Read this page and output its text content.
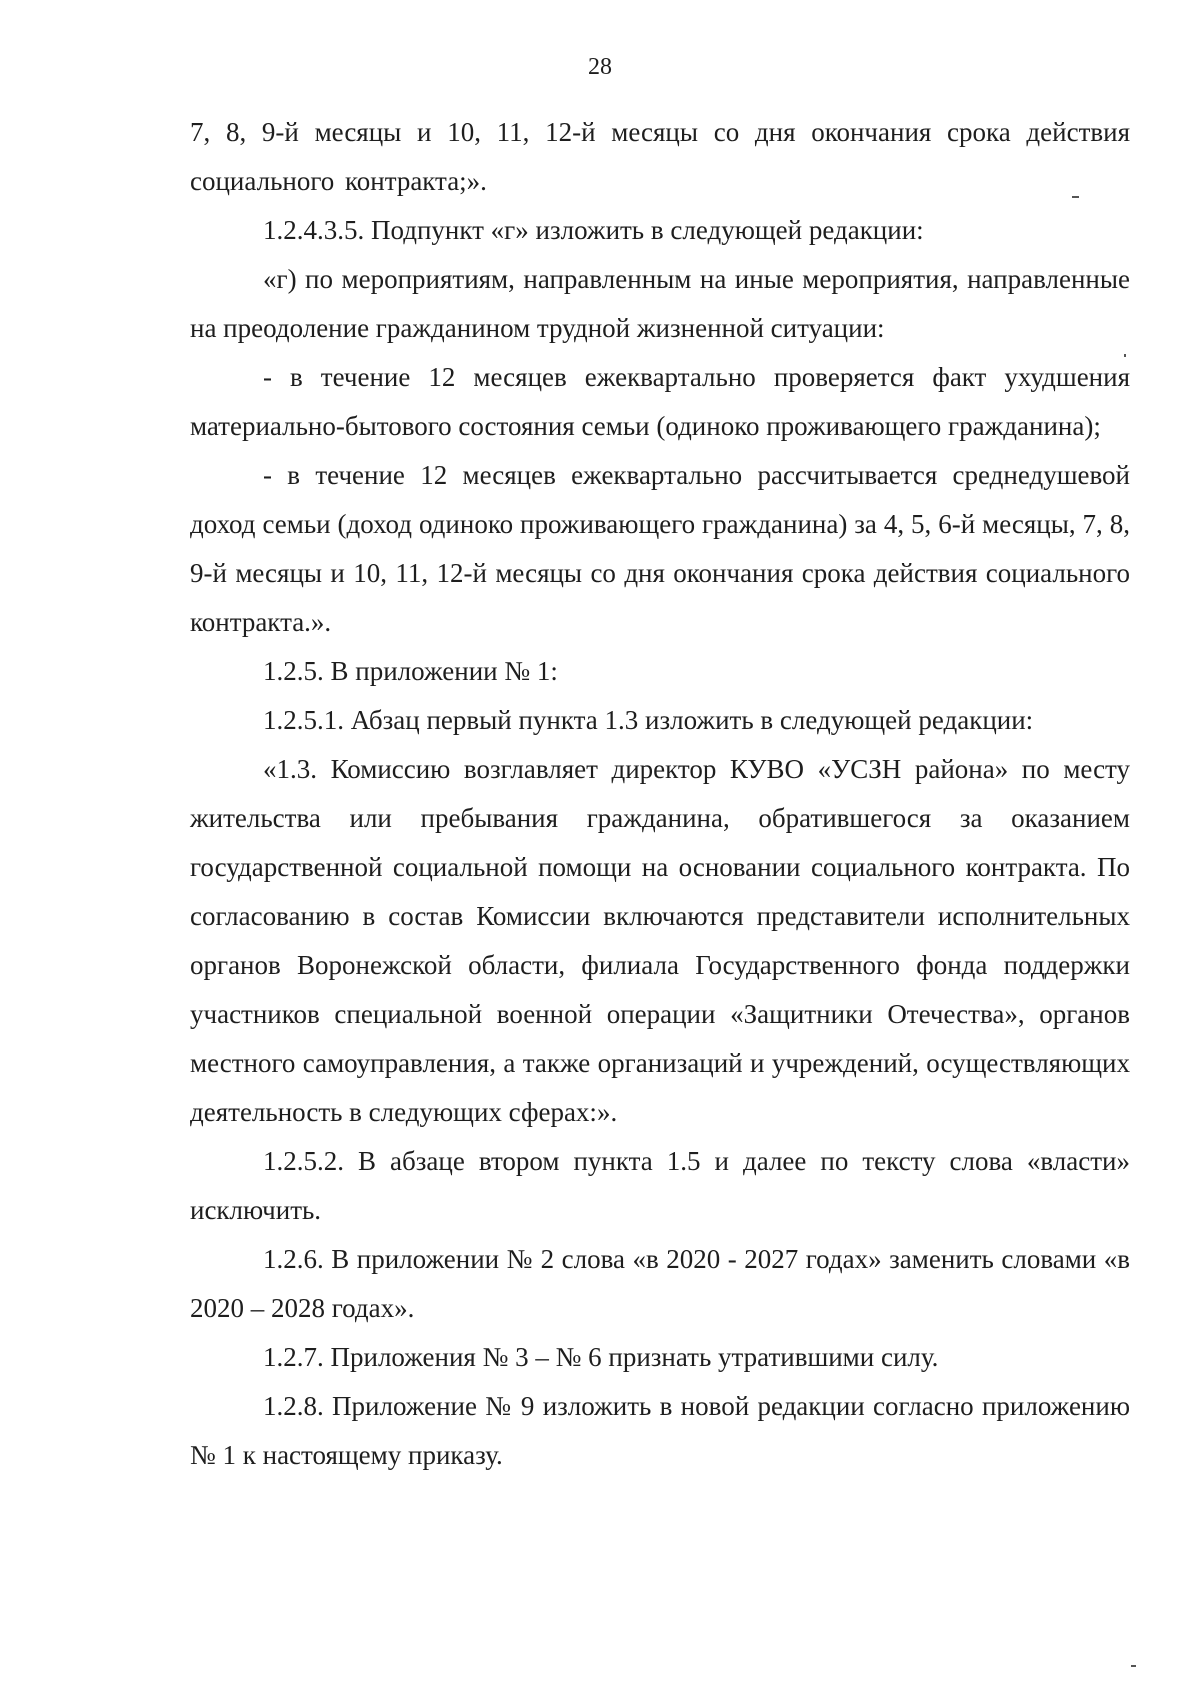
28

7, 8, 9-й месяцы и 10, 11, 12-й месяцы со дня окончания срока действия социального контракта;».

1.2.4.3.5. Подпункт «г» изложить в следующей редакции:

«г) по мероприятиям, направленным на иные мероприятия, направленные на преодоление гражданином трудной жизненной ситуации:

- в течение 12 месяцев ежеквартально проверяется факт ухудшения материально-бытового состояния семьи (одиноко проживающего гражданина);

- в течение 12 месяцев ежеквартально рассчитывается среднедушевой доход семьи (доход одиноко проживающего гражданина) за 4, 5, 6-й месяцы, 7, 8, 9-й месяцы и 10, 11, 12-й месяцы со дня окончания срока действия социального контракта.».

1.2.5. В приложении № 1:

1.2.5.1. Абзац первый пункта 1.3 изложить в следующей редакции:

«1.3. Комиссию возглавляет директор КУВО «УСЗН района» по месту жительства или пребывания гражданина, обратившегося за оказанием государственной социальной помощи на основании социального контракта. По согласованию в состав Комиссии включаются представители исполнительных органов Воронежской области, филиала Государственного фонда поддержки участников специальной военной операции «Защитники Отечества», органов местного самоуправления, а также организаций и учреждений, осуществляющих деятельность в следующих сферах:».

1.2.5.2. В абзаце втором пункта 1.5 и далее по тексту слова «власти» исключить.

1.2.6. В приложении № 2 слова «в 2020 - 2027 годах» заменить словами «в 2020 – 2028 годах».

1.2.7. Приложения № 3 – № 6 признать утратившими силу.

1.2.8. Приложение № 9 изложить в новой редакции согласно приложению № 1 к настоящему приказу.
